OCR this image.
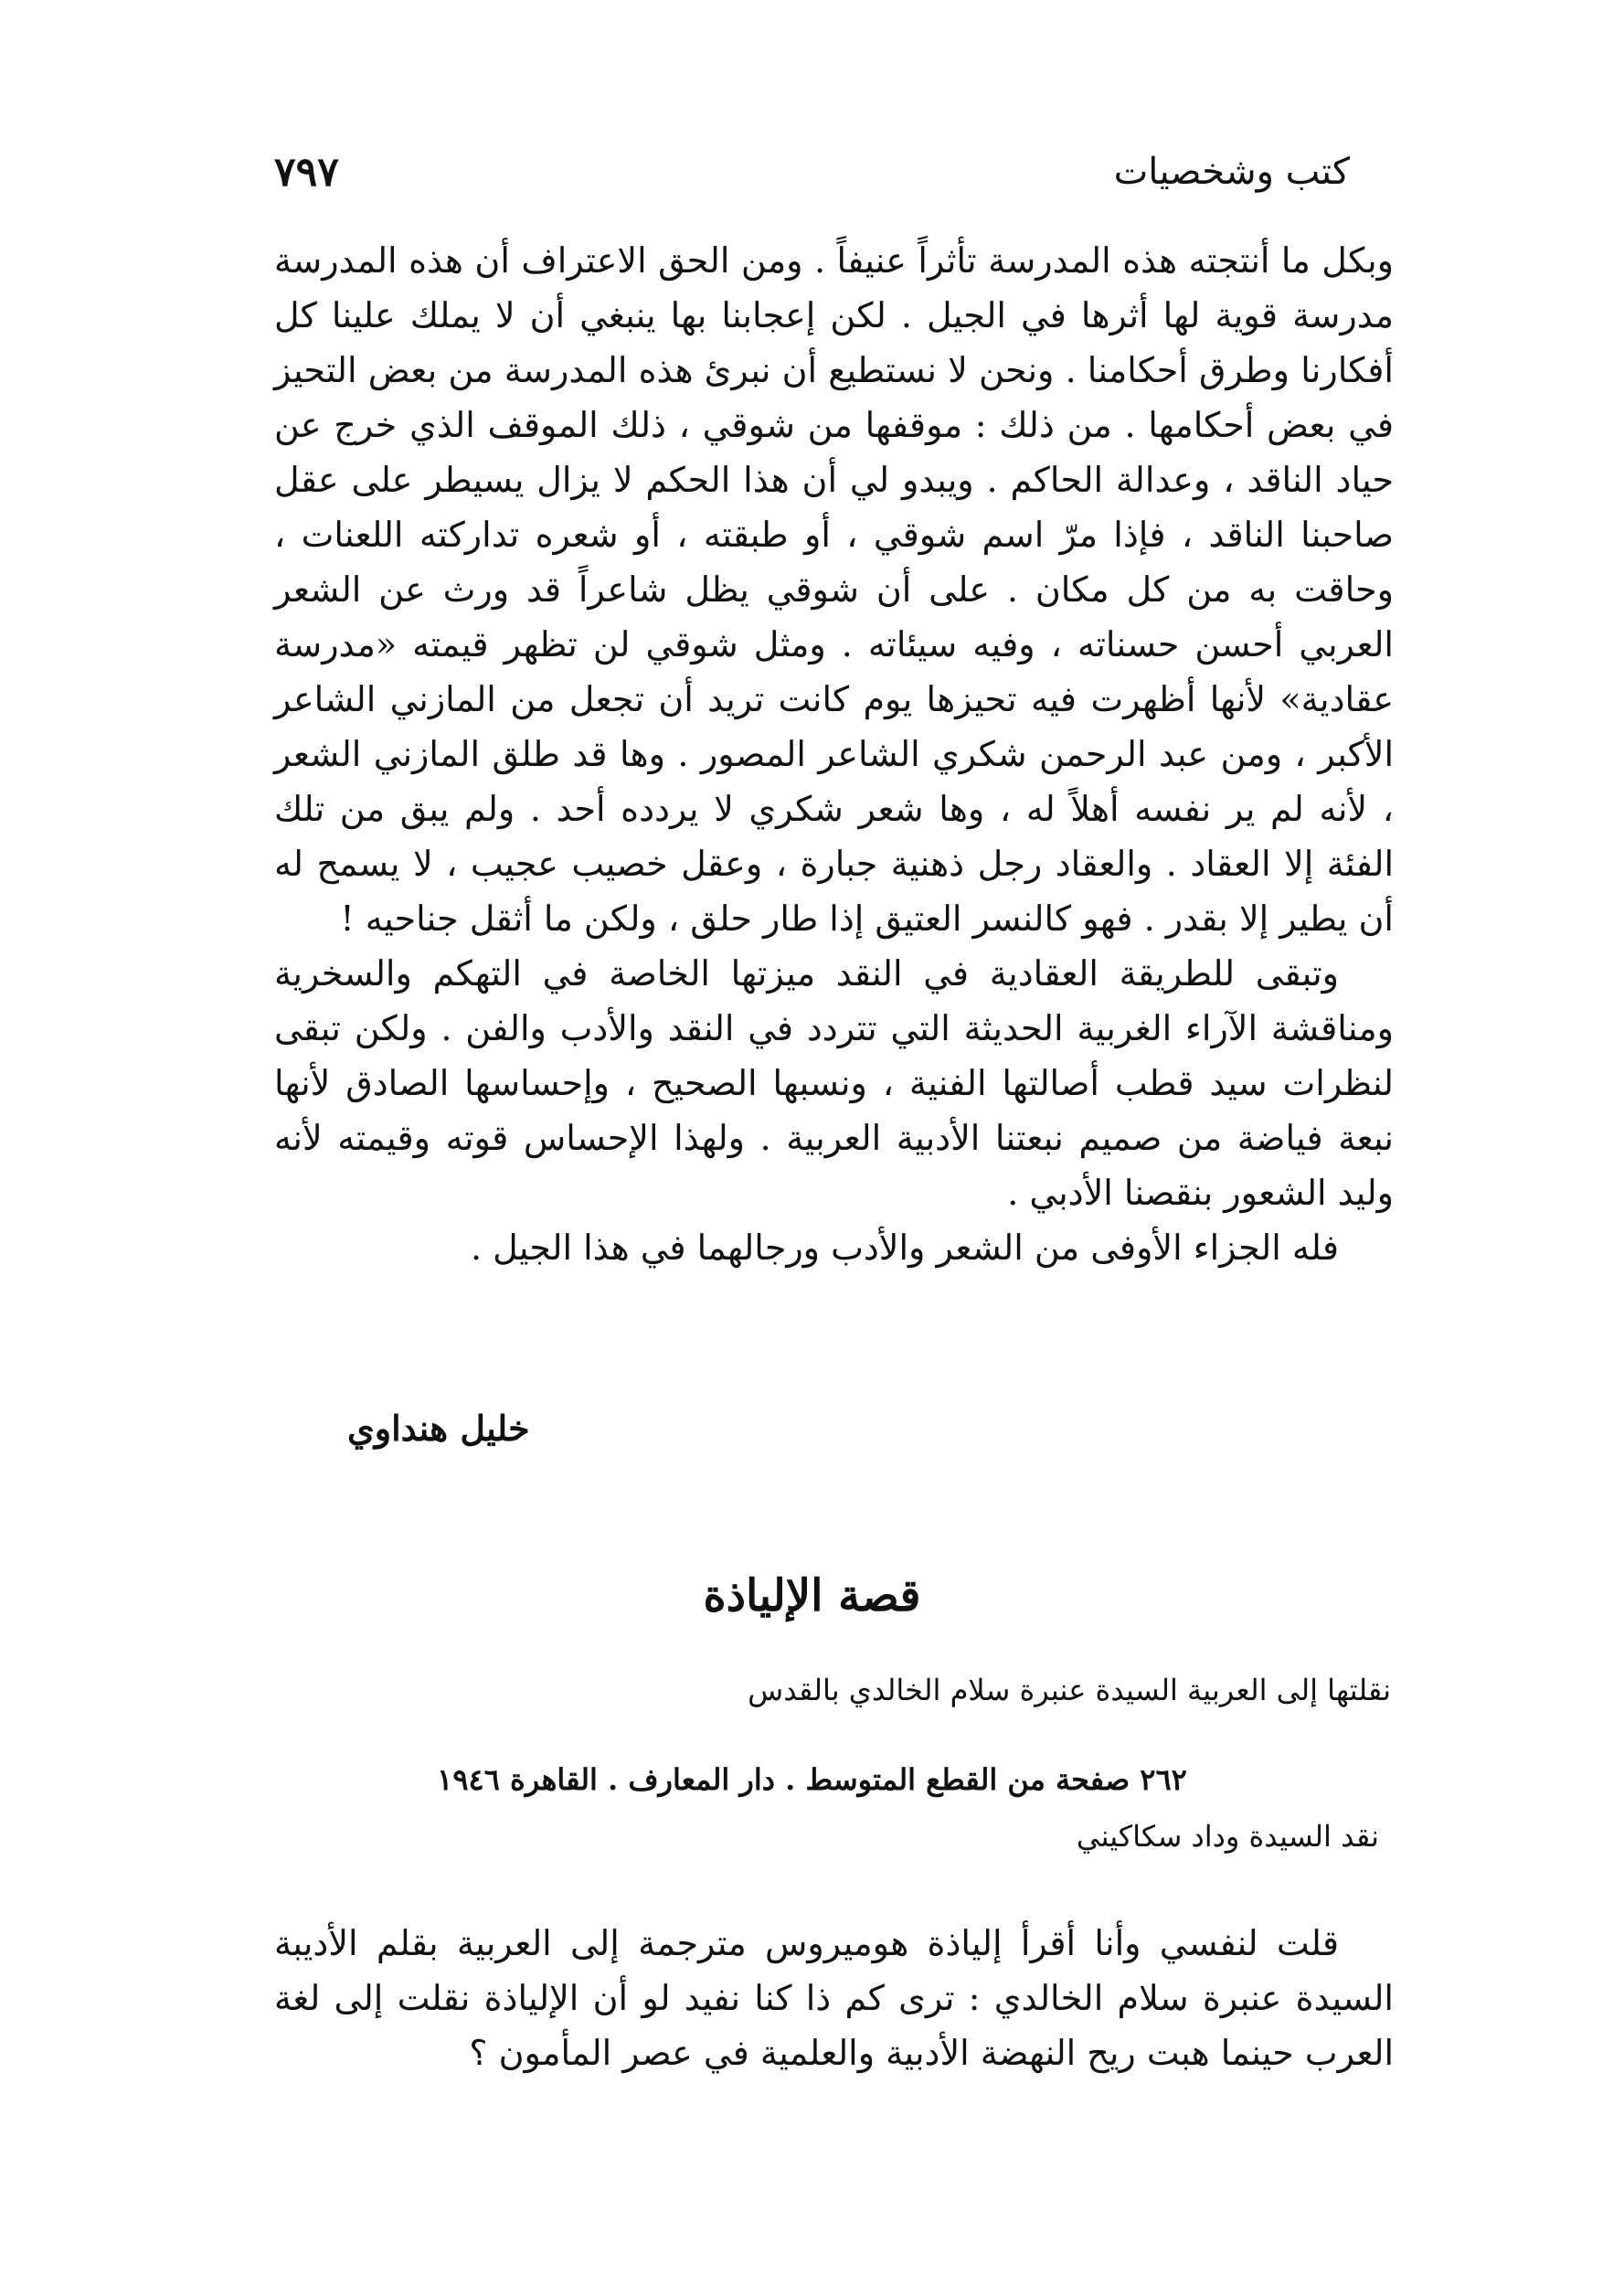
كتب وشخصيات
٧٩٧

وبكل ما أنتجته هذه المدرسة تأثراً عنيفاً . ومن الحق الاعتراف أن هذه المدرسة مدرسة قوية لها أثرها في الجيل . لكن إعجابنا بها ينبغي أن لا يملك علينا كل أفكارنا وطرق أحكامنا . ونحن لا نستطيع أن نبرئ هذه المدرسة من بعض التحيز في بعض أحكامها . من ذلك : موقفها من شوقي ، ذلك الموقف الذي خرج عن حياد الناقد ، وعدالة الحاكم . ويبدو لي أن هذا الحكم لا يزال يسيطر على عقل صاحبنا الناقد ، فإذا مرّ اسم شوقي ، أو طبقته ، أو شعره تداركته اللعنات ، وحاقت به من كل مكان . على أن شوقي يظل شاعراً قد ورث عن الشعر العربي أحسن حسناته ، وفيه سيئاته . ومثل شوقي لن تظهر قيمته «مدرسة عقادية» لأنها أظهرت فيه تحيزها يوم كانت تريد أن تجعل من المازني الشاعر الأكبر ، ومن عبد الرحمن شكري الشاعر المصور . وها قد طلق المازني الشعر ، لأنه لم ير نفسه أهلاً له ، وها شعر شكري لا يردده أحد . ولم يبق من تلك الفئة إلا العقاد . والعقاد رجل ذهنية جبارة ، وعقل خصيب عجيب ، لا يسمح له أن يطير إلا بقدر . فهو كالنسر العتيق إذا طار حلق ، ولكن ما أثقل جناحيه !

وتبقى للطريقة العقادية في النقد ميزتها الخاصة في التهكم والسخرية ومناقشة الآراء الغربية الحديثة التي تتردد في النقد والأدب والفن . ولكن تبقى لنظرات سيد قطب أصالتها الفنية ، ونسبها الصحيح ، وإحساسها الصادق لأنها نبعة فياضة من صميم نبعتنا الأدبية العربية . ولهذا الإحساس قوته وقيمته لأنه وليد الشعور بنقصنا الأدبي .

فله الجزاء الأوفى من الشعر والأدب ورجالهما في هذا الجيل .

خليل هنداوي
قصة الإلياذة
نقلتها إلى العربية السيدة عنبرة سلام الخالدي بالقدس
٢٦٢ صفحة من القطع المتوسط . دار المعارف . القاهرة ١٩٤٦
نقد السيدة وداد سكاكيني

قلت لنفسي وأنا أقرأ إلياذة هوميروس مترجمة إلى العربية بقلم الأديبة السيدة عنبرة سلام الخالدي : ترى كم ذا كنا نفيد لو أن الإلياذة نقلت إلى لغة العرب حينما هبت ريح النهضة الأدبية والعلمية في عصر المأمون ؟
